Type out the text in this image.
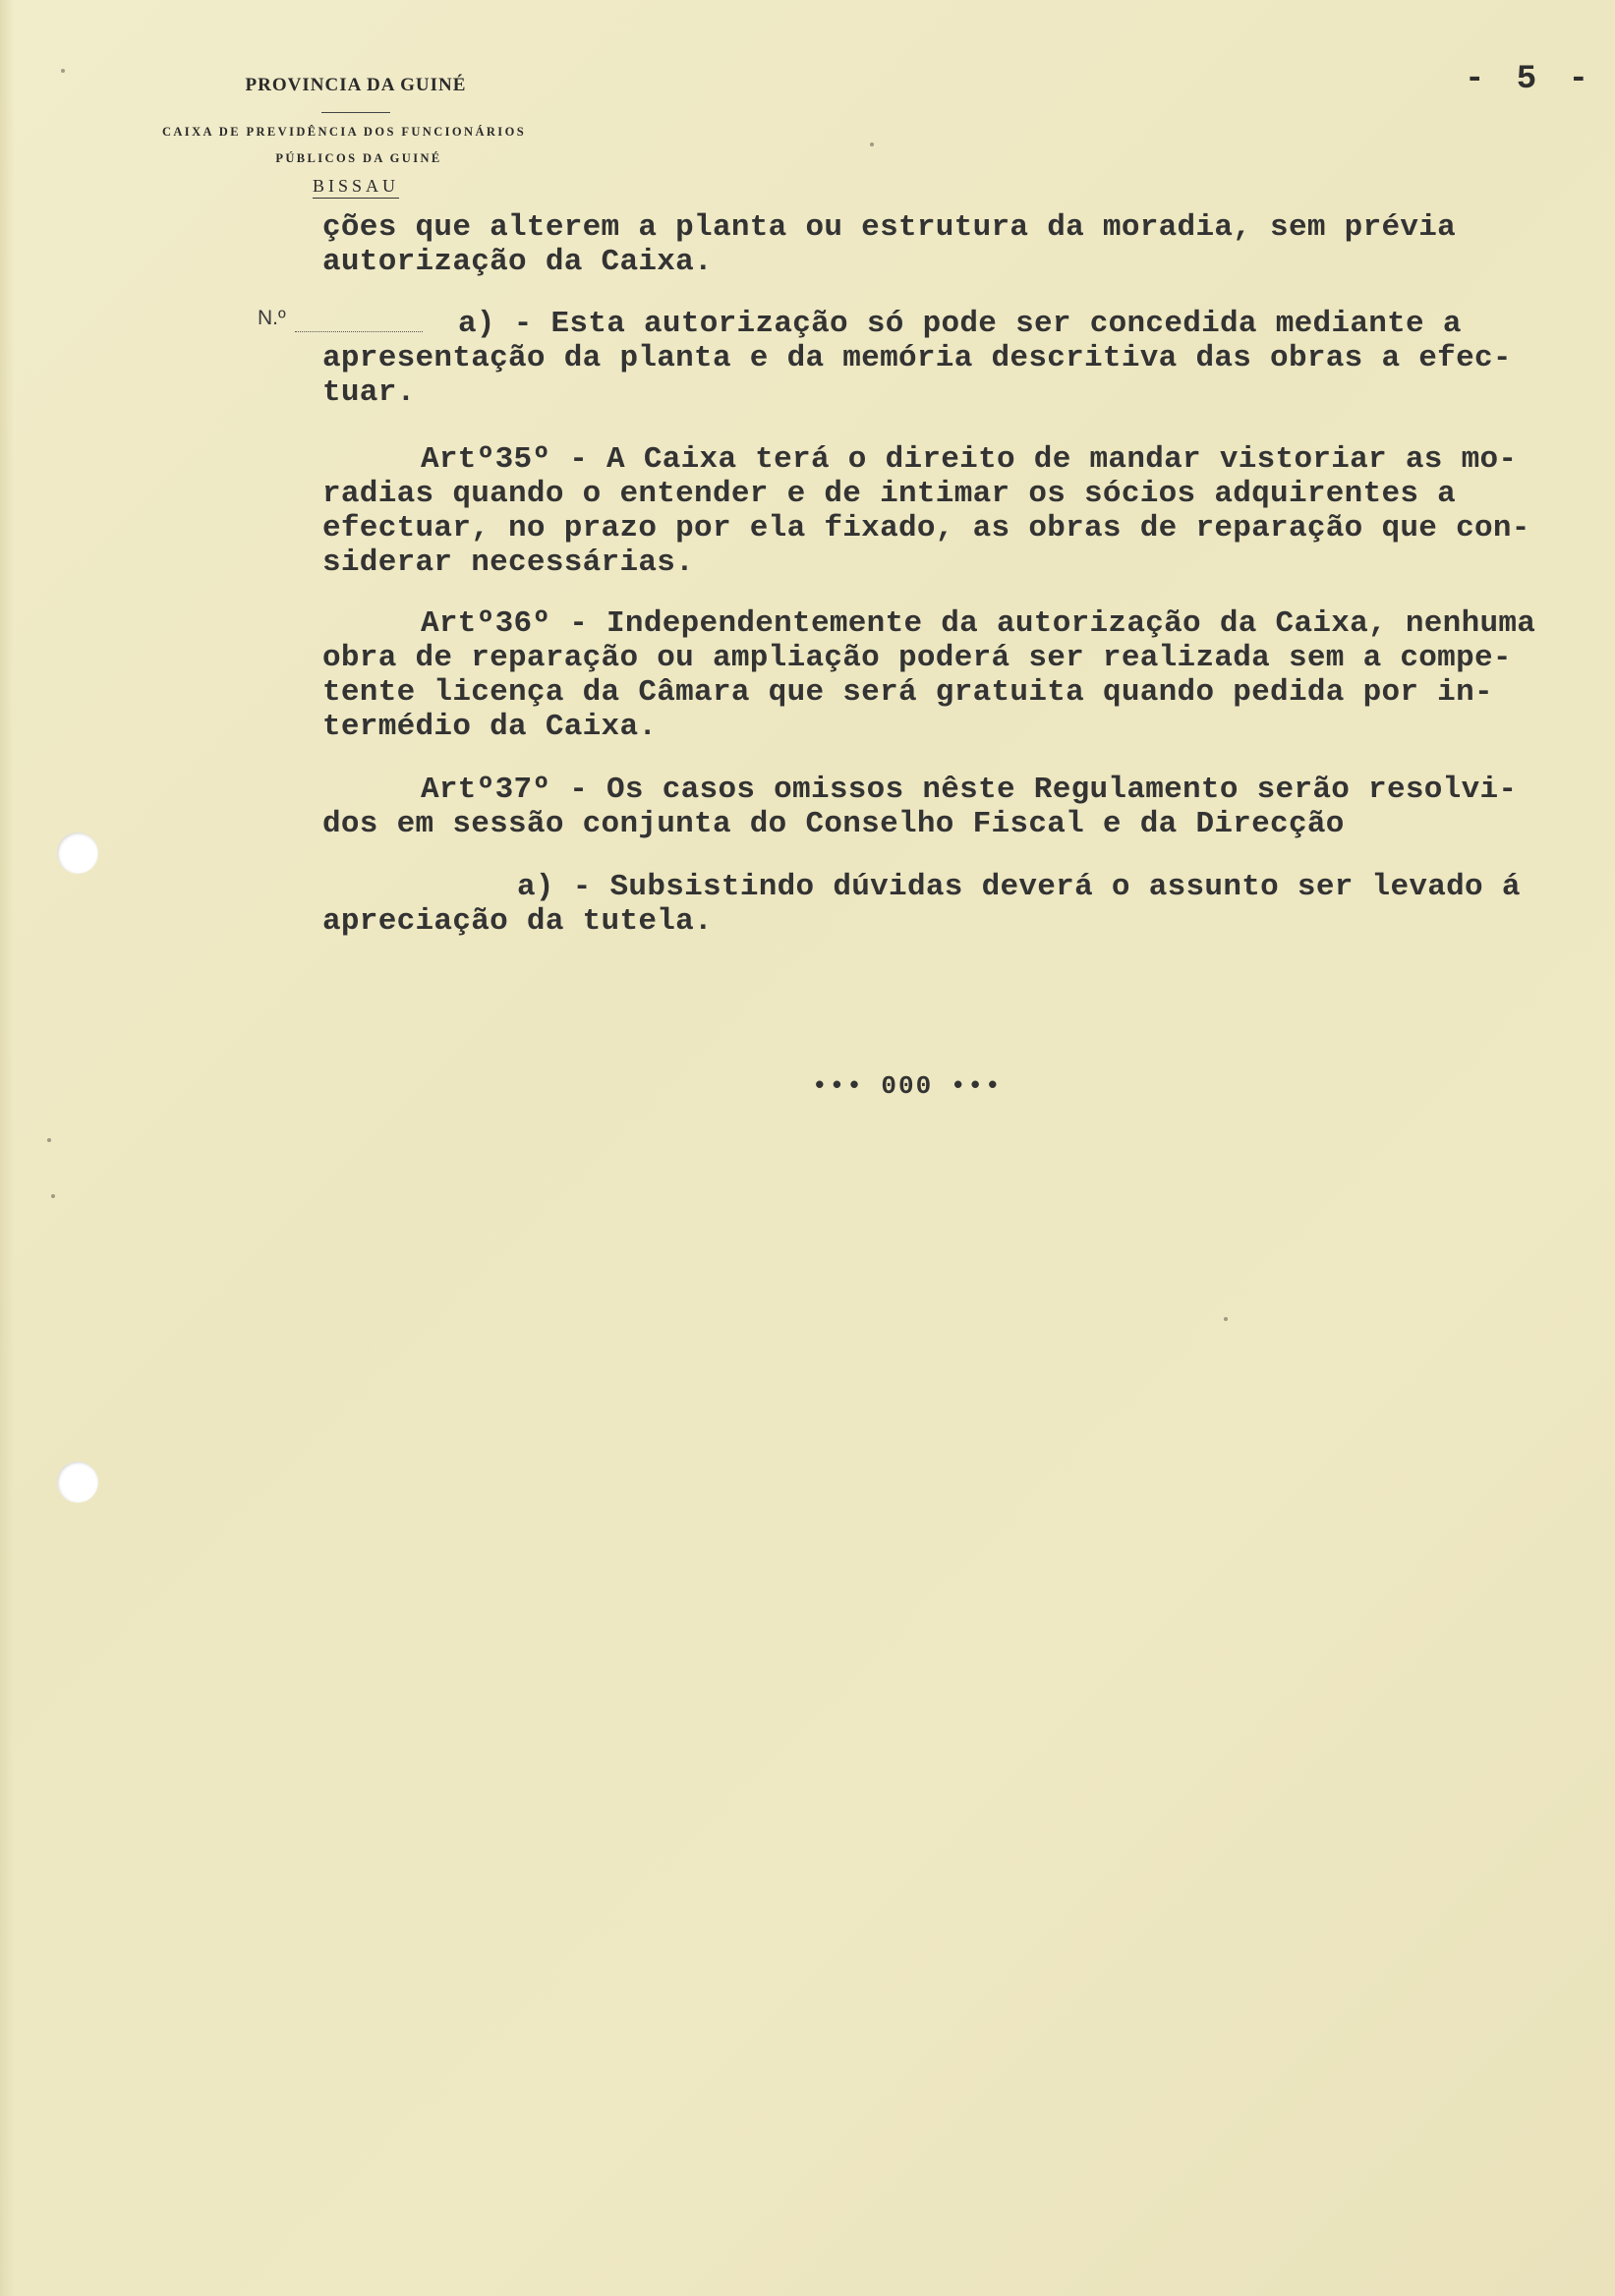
PROVINCIA DA GUINÉ
CAIXA DE PREVIDÊNCIA DOS FUNCIONÁRIOS
PÚBLICOS DA GUINÉ
BISSAU
- 5 -
N.º
ções que alterem a planta ou estrutura da moradia, sem prévia
autorização da Caixa.
a) - Esta autorização só pode ser concedida mediante a
apresentação da planta e da memória descritiva das obras a efec-
tuar.
Artº35º - A Caixa terá o direito de mandar vistoriar as mo-
radias quando o entender e de intimar os sócios adquirentes a
efectuar, no prazo por ela fixado, as obras de reparação que con-
siderar necessárias.
Artº36º - Independentemente da autorização da Caixa, nenhuma
obra de reparação ou ampliação poderá ser realizada sem a compe-
tente licença da Câmara que será gratuita quando pedida por in-
termédio da Caixa.
Artº37º - Os casos omissos nêste Regulamento serão resolvi-
dos em sessão conjunta do Conselho Fiscal e da Direcção
a) - Subsistindo dúvidas deverá o assunto ser levado á
apreciação da tutela.
••• 000 •••
